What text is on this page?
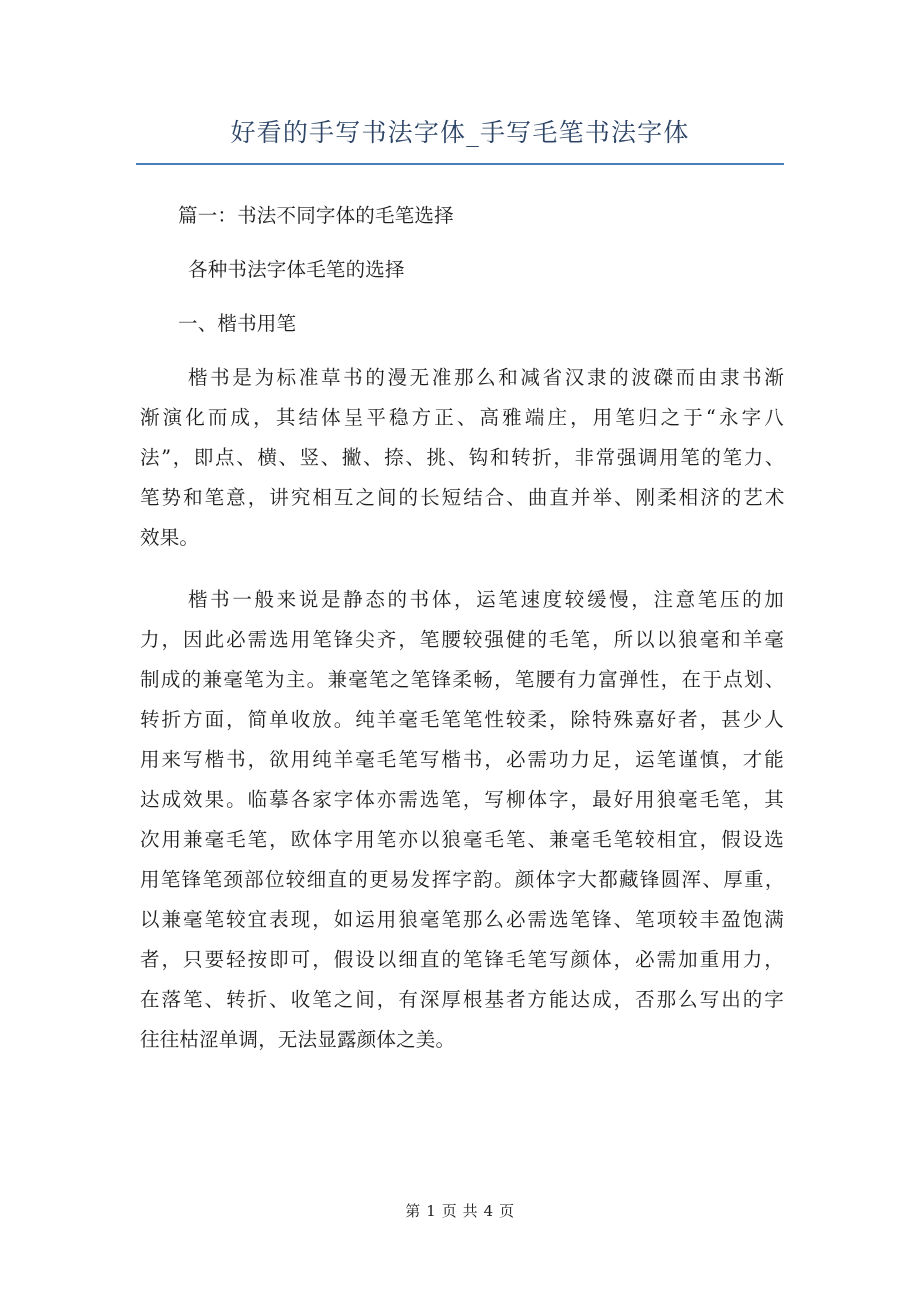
好看的手写书法字体_手写毛笔书法字体
篇一：书法不同字体的毛笔选择
各种书法字体毛笔的选择
一、楷书用笔
楷书是为标准草书的漫无准那么和减省汉隶的波磔而由隶书渐
渐演化而成，其结体呈平稳方正、高雅端庄，用笔归之于“永字八
法”，即点、横、竖、撇、捺、挑、钩和转折，非常强调用笔的笔力、
笔势和笔意，讲究相互之间的长短结合、曲直并举、刚柔相济的艺术
效果。
楷书一般来说是静态的书体，运笔速度较缓慢，注意笔压的加
力，因此必需选用笔锋尖齐，笔腰较强健的毛笔，所以以狼毫和羊毫
制成的兼毫笔为主。兼毫笔之笔锋柔畅，笔腰有力富弹性，在于点划、
转折方面，简单收放。纯羊毫毛笔笔性较柔，除特殊嘉好者，甚少人
用来写楷书，欲用纯羊毫毛笔写楷书，必需功力足，运笔谨慎，才能
达成效果。临摹各家字体亦需选笔，写柳体字，最好用狼毫毛笔，其
次用兼毫毛笔，欧体字用笔亦以狼毫毛笔、兼毫毛笔较相宜，假设选
用笔锋笔颈部位较细直的更易发挥字韵。颜体字大都藏锋圆浑、厚重，
以兼毫笔较宜表现，如运用狼毫笔那么必需选笔锋、笔项较丰盈饱满
者，只要轻按即可，假设以细直的笔锋毛笔写颜体，必需加重用力，
在落笔、转折、收笔之间，有深厚根基者方能达成，否那么写出的字
往往枯涩单调，无法显露颜体之美。
第 1 页 共 4 页
